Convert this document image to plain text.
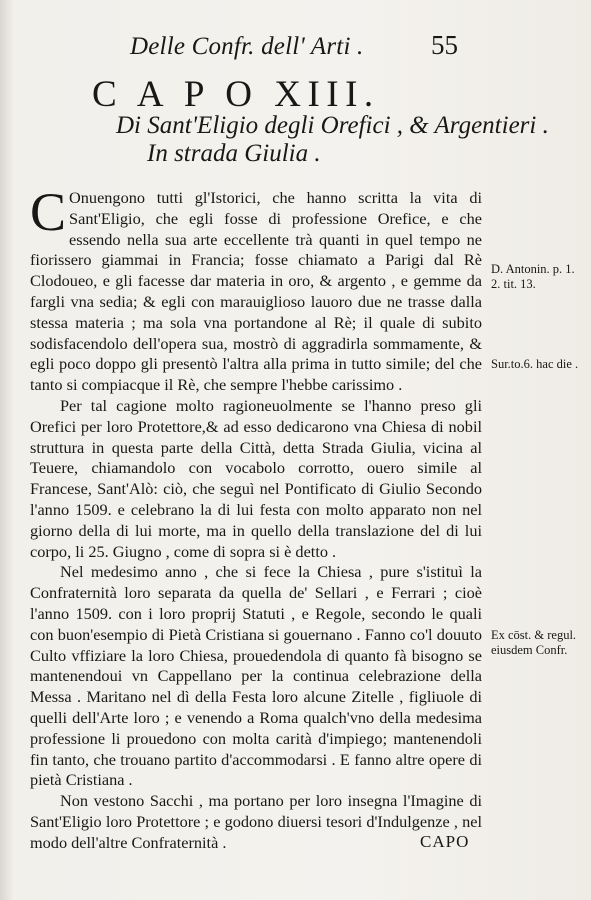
Delle Confr. dell' Arti .	55
C A P O XIII.
Di Sant'Eligio degli Orefici , & Argentieri .
In strada Giulia .

C Onuengono tutti gl'Istorici, che hanno scritta la vita di Sant'Eligio, che egli fosse di professione Orefice, e che essendo nella sua arte eccellente trà quanti in quel tempo ne fiorissero giammai in Francia; fosse chiamato a Parigi dal Rè Clodoueo, e gli facesse dar materia in oro, & argento , e gemme da fargli vna sedia; & egli con marauiglioso lauoro due ne trasse dalla stessa materia ; ma sola vna portandone al Rè; il quale di subito sodisfacendolo dell'opera sua, mostrò di aggradirla sommamente, & egli poco doppo gli presentò l'altra alla prima in tutto simile; del che tanto si compiacque il Rè, che sempre l'hebbe carissimo .

Per tal cagione molto ragioneuolmente se l'hanno preso gli Orefici per loro Protettore,& ad esso dedicarono vna Chiesa di nobil struttura in questa parte della Città, detta Strada Giulia, vicina al Teuere, chiamandolo con vocabolo corrotto, ouero simile al Francese, Sant'Alò: ciò, che seguì nel Pontificato di Giulio Secondo l'anno 1509. e celebrano la di lui festa con molto apparato non nel giorno della di lui morte, ma in quello della translazione del di lui corpo, li 25. Giugno , come di sopra si è detto .

Nel medesimo anno , che si fece la Chiesa , pure s'istituì la Confraternità loro separata da quella de' Sellari , e Ferrari ; cioè l'anno 1509. con i loro proprij Statuti , e Regole, secondo le quali con buon'esempio di Pietà Cristiana si gouernano . Fanno co'l douuto Culto vffiziare la loro Chiesa, prouedendola di quanto fà bisogno se mantenendoui vn Cappellano per la continua celebrazione della Messa . Maritano nel dì della Festa loro alcune Zitelle , figliuole di quelli dell'Arte loro ; e venendo a Roma qualch'vno della medesima professione li prouedono con molta carità d'impiego; mantenendoli fin tanto, che trouano partito d'accommodarsi . E fanno altre opere di pietà Cristiana .

Non vestono Sacchi , ma portano per loro insegna l'Imagine di Sant'Eligio loro Protettore ; e godono diuersi tesori d'Indulgenze , nel modo dell'altre Confraternità .

D. Antonin. p. 1. 2. tit. 13.
Sur.to.6. hac die .
Ex cōst. & regul. eiusdem Confr.
CAPO
